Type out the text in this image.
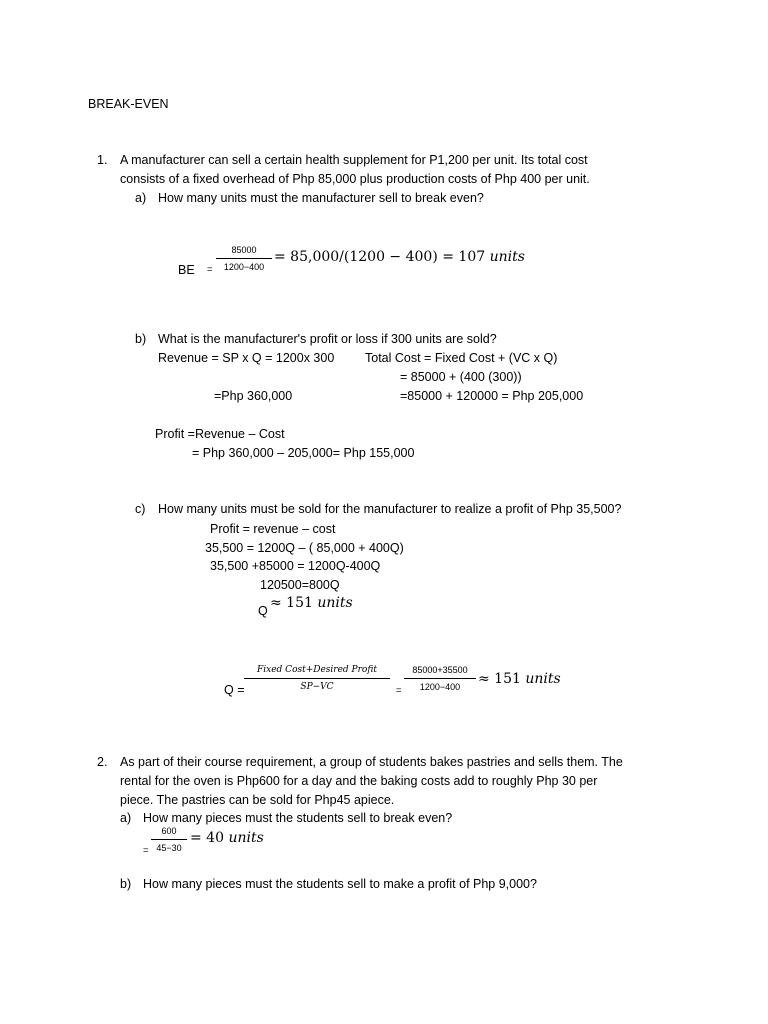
BREAK-EVEN
1. A manufacturer can sell a certain health supplement for P1,200 per unit. Its total cost
consists of a fixed overhead of Php 85,000 plus production costs of Php 400 per unit.
a) How many units must the manufacturer sell to break even?
BE =
85000
1200−400
= 85,000/(1200 − 400) = 107 units
b) What is the manufacturer's profit or loss if 300 units are sold?
Revenue = SP x Q = 1200x 300 Total Cost = Fixed Cost + (VC x Q)
= 85000 + (400 (300))
=Php 360,000	=85000 + 120000 = Php 205,000
Profit =Revenue – Cost
= Php 360,000 – 205,000= Php 155,000
c) How many units must be sold for the manufacturer to realize a profit of Php 35,500?
Profit = revenue – cost
35,500 = 1200Q – ( 85,000 + 400Q)
35,500 +85000 = 1200Q-400Q
120500=800Q
Q ≈ 151 units
Q =
Fixed Cost+Desired Profit
SP−VC	=
85000+35500
1200−400	≈ 151 units
2. As part of their course requirement, a group of students bakes pastries and sells them. The
rental for the oven is Php600 for a day and the baking costs add to roughly Php 30 per
piece. The pastries can be sold for Php45 apiece.
a) How many pieces must the students sell to break even?
=
600
45−30
= 40 units
b) How many pieces must the students sell to make a profit of Php 9,000?
